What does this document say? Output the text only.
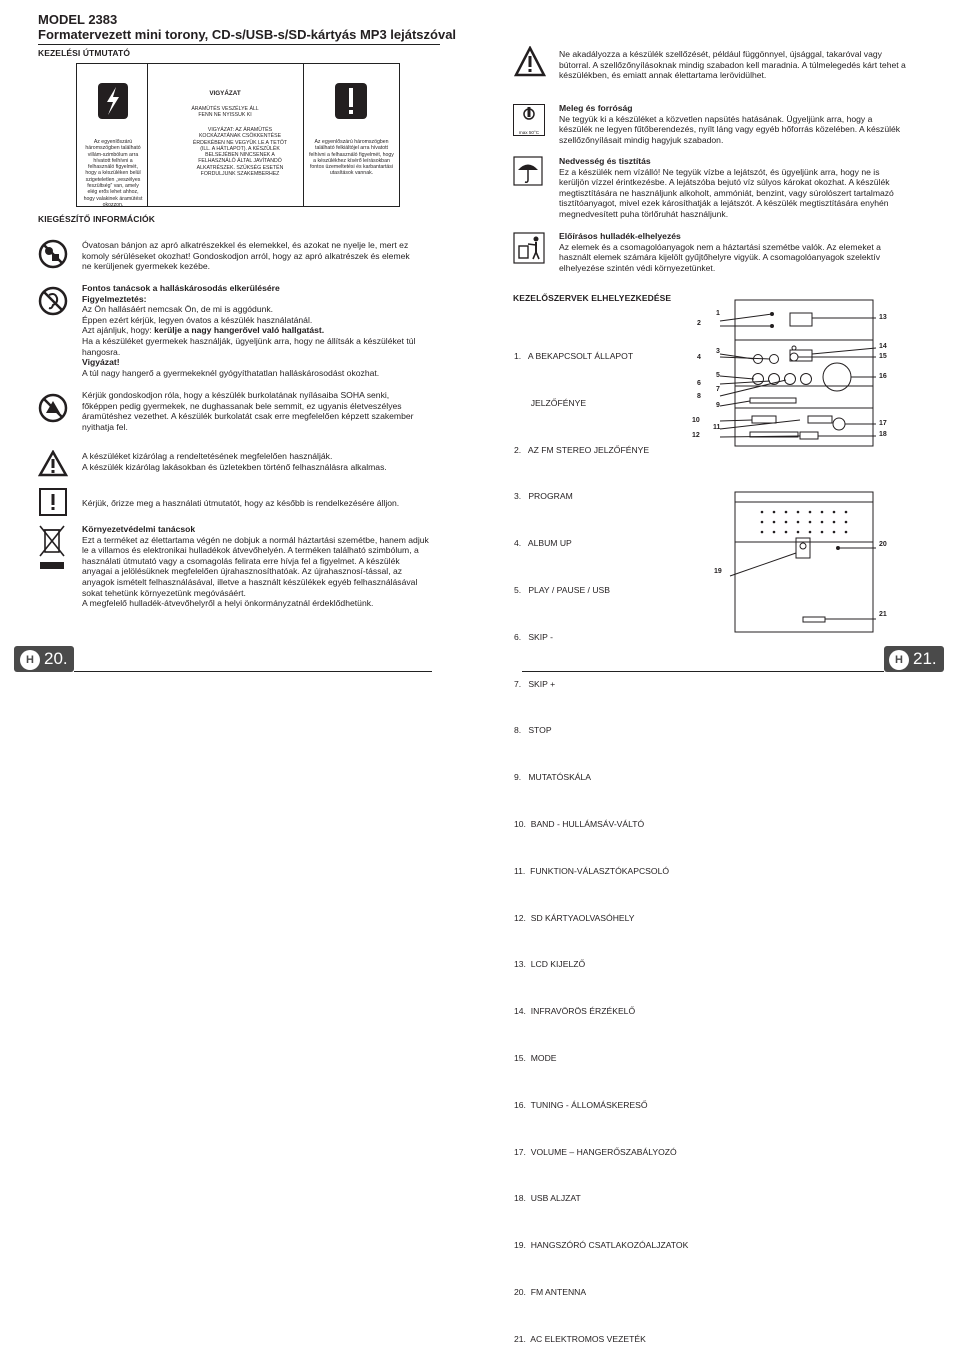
MODEL 2383
Formatervezett mini torony, CD-s/USB-s/SD-kártyás MP3 lejátszóval
KEZELÉSI ÚTMUTATÓ
Az egyenlőszárú háromszögben található villám-szimbólum arra hívatott felhívni a felhasználó figyelmét, hogy a készüléken belül szigeteletlen „veszélyes feszültség” van, amely elég erős lehet ahhoz, hogy valakinek áramütést okozzon.
VIGYÁZAT
ÁRAMÜTÉS VESZÉLYE ÁLL FENN NE NYISSUK KI
VIGYÁZAT: AZ ÁRAMÜTÉS KOCKÁZATÁNAK CSÖKKENTÉSE ÉRDEKÉBEN NE VEGYÜK LE A TETŐT (ILL. A HÁTLAPOT). A KÉSZÜLÉK BELSEJÉBEN NINCSENEK A FELHASZNÁLÓ ÁLTAL JAVÍTANDÓ ALKATRÉSZEK. SZÜKSÉG ESETÉN FORDULJUNK SZAKEMBERHEZ
Az egyenlőszárú háromszögben található felkiáltójel arra hívatott felhívni a felhasználó figyelmét, hogy a készülékhez kísérő leírásokban fontos üzemeltetési és karbantartási utasítások vannak.
KIEGÉSZÍTŐ INFORMÁCIÓK
Óvatosan bánjon az apró alkatrészekkel és elemekkel, és azokat ne nyelje le, mert ez komoly sérüléseket okozhat! Gondoskodjon arról, hogy az apró alkatrészek és elemek ne kerüljenek gyermekek kezébe.
Fontos tanácsok a halláskárosodás elkerülésére
Figyelmeztetés:
Az Ön hallásáért nemcsak Ön, de mi is aggódunk.
Éppen ezért kérjük, legyen óvatos a készülék használatánál.
Azt ajánljuk, hogy: kerülje a nagy hangerővel való hallgatást.
Ha a készüléket gyermekek használják, ügyeljünk arra, hogy ne állítsák a készüléket túl hangosra.
Vigyázat!
A túl nagy hangerő a gyermekeknél gyógyíthatatlan halláskárosodást okozhat.
Kérjük gondoskodjon róla, hogy a készülék burkolatának nyílásaiba SOHA senki, főképpen pedig gyermekek, ne dughassanak bele semmit, ez ugyanis életveszélyes áramütéshez vezethet. A készülék burkolatát csak erre megfelelően képzett szakember nyithatja fel.
A készüléket kizárólag a rendeltetésének megfelelően használják.
A készülék kizárólag lakásokban és üzletekben történő felhasználásra alkalmas.
Kérjük, őrizze meg a használati útmutatót, hogy az később is rendelkezésére álljon.
Környezetvédelmi tanácsok
Ezt a terméket az élettartama végén ne dobjuk a normál háztartási szemétbe, hanem adjuk le a villamos és elektronikai hulladékok átvevőhelyén. A terméken található szimbólum, a használati útmutató vagy a csomagolás felirata erre hívja fel a figyelmet. A készülék anyagai a jelölésüknek megfelelően újrahasznosíthatóak. Az újrahasznosí-tással, az anyagok ismételt felhasználásával, illetve a használt készülékek egyéb felhasználásával sokat tehetünk környezetünk megóvásáért.
A megfelelő hulladék-átvevőhelyről a helyi önkormányzatnál érdeklődhetünk.
H 20.
Ne akadályozza a készülék szellőzését, például függönnyel, újsággal, takaróval vagy bútorral. A szellőzőnyílásoknak mindig szabadon kell maradnia. A túlmelegedés kárt tehet a készülékben, és emiatt annak élettartama lerövidülhet.
max 50°C
Meleg és forróság
Ne tegyük ki a készüléket a közvetlen napsütés hatásának. Ügyeljünk arra, hogy a készülék ne legyen fűtőberendezés, nyílt láng vagy egyéb hőforrás közelében. A készülék szellőzőnyílásait mindig hagyjuk szabadon.
Nedvesség és tisztítás
Ez a készülék nem vízálló! Ne tegyük vízbe a lejátszót, és ügyeljünk arra, hogy ne is kerüljön vízzel érintkezésbe. A lejátszóba bejutó víz súlyos károkat okozhat. A készülék megtisztítására ne használjunk alkoholt, ammóniát, benzint, vagy súrolószert tartalmazó tisztítóanyagot, mivel ezek károsíthatják a lejátszót. A készülék megtisztítására enyhén megnedvesített puha törlőruhát használjunk.
Előírásos hulladék-elhelyezés
Az elemek és a csomagolóanyagok nem a háztartási szemétbe valók. Az elemeket a használt elemek számára kijelölt gyűjtőhelyre vigyük. A csomagolóanyagok szelektív elhelyezése szintén védi környezetünket.
KEZELŐSZERVEK ELHELYEZKEDÉSE

1.   A BEKAPCSOLT ÁLLAPOT

JELZŐFÉNYE

2.   AZ FM STEREO JELZŐFÉNYE

3.   PROGRAM

4.   ALBUM UP

5.   PLAY / PAUSE / USB

6.   SKIP -

7.   SKIP +

8.   STOP

9.   MUTATÓSKÁLA

10.  BAND - HULLÁMSÁV-VÁLTÓ

11.  FUNKTION-VÁLASZTÓKAPCSOLÓ

12.  SD KÁRTYAOLVASÓHELY

13.  LCD KIJELZŐ

14.  INFRAVÖRÖS ÉRZÉKELŐ

15.  MODE

16.  TUNING - ÁLLOMÁSKERESŐ

17.  VOLUME – HANGERŐSZABÁLYOZÓ

18.  USB ALJZAT

19.  HANGSZÓRÓ CSATLAKOZÓALJZATOK

20.  FM ANTENNA

21.  AC ELEKTROMOS VEZETÉK

1
2
3
4
5
6
7
8
9
10
11
12
13
14
15
16
17
18
19
20
21
H 21.
